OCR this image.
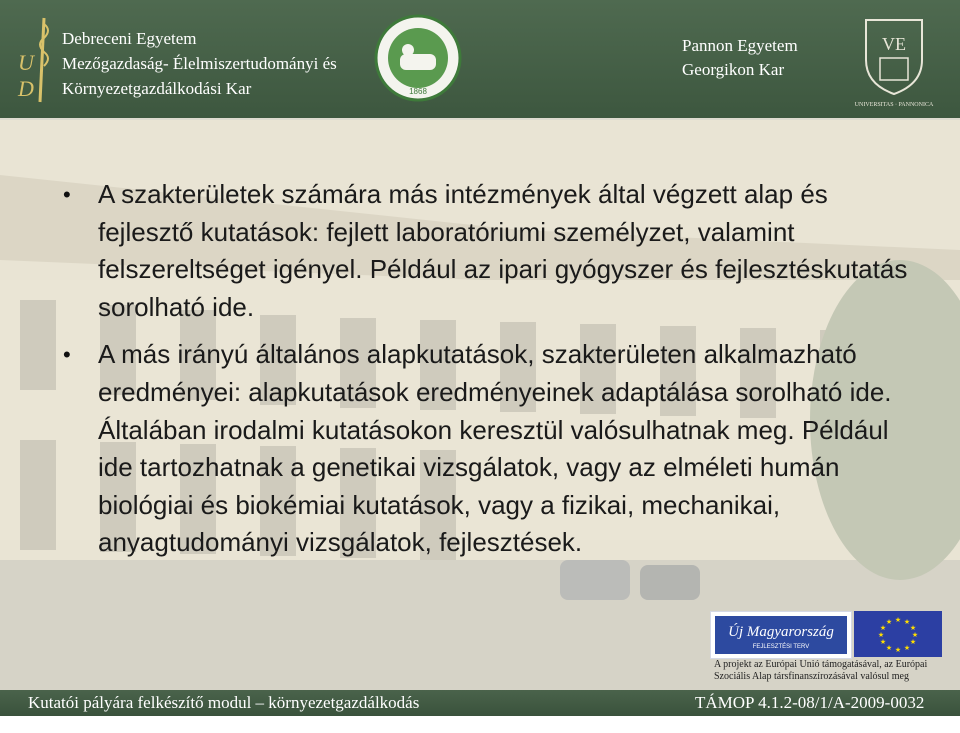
U
D
Debreceni Egyetem
Mezőgazdaság- Élelmiszertudományi és
Környezetgazdálkodási Kar	1868
Pannon Egyetem
Georgikon Kar
VE
UNIVERSITAS · PANNONICA
• A szakterületek számára más intézmények által végzett alap és fejlesztő kutatások: fejlett laboratóriumi személyzet, valamint felszereltséget igényel. Például az ipari gyógyszer és fejlesztéskutatás sorolható ide.
• A más irányú általános alapkutatások, szakterületen alkalmazható eredményei: alapkutatások eredményeinek adaptálása sorolható ide. Általában irodalmi kutatásokon keresztül valósulhatnak meg. Például ide tartozhatnak a genetikai vizsgálatok, vagy az elméleti humán biológiai és biokémiai kutatások, vagy a fizikai, mechanikai, anyagtudományi vizsgálatok, fejlesztések.
Új Magyarország
FEJLESZTÉSI TERV
★ ★
★
★
★
★
★
★
★
★
★
★
A projekt az Európai Unió támogatásával, az Európai
Szociális Alap társfinanszírozásával valósul meg
Kutatói pályára felkészítő modul – környezetgazdálkodás	TÁMOP 4.1.2-08/1/A-2009-0032 számú projekt
